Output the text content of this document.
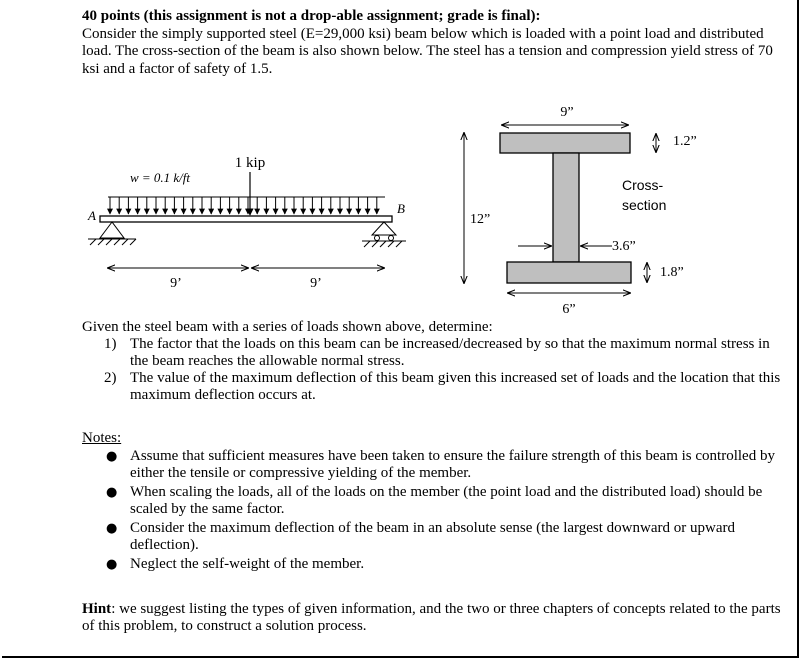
40 points (this assignment is not a drop-able assignment; grade is final):
Consider the simply supported steel (E=29,000 ksi) beam below which is loaded with a point load and distributed load. The cross-section of the beam is also shown below. The steel has a tension and compression yield stress of 70 ksi and a factor of safety of 1.5.
1 kip
w = 0.1 k/ft
A	B
9’	9’
12”
9”
1.2”
Cross-
section
3.6”
1.8”
6”
Given the steel beam with a series of loads shown above, determine:
1) The factor that the loads on this beam can be increased/decreased by so that the maximum normal stress in the beam reaches the allowable normal stress.
2) The value of the maximum deflection of this beam given this increased set of loads and the location that this maximum deflection occurs at.
Notes:
● Assume that sufficient measures have been taken to ensure the failure strength of this beam is controlled by either the tensile or compressive yielding of the member.
● When scaling the loads, all of the loads on the member (the point load and the distributed load) should be scaled by the same factor.
● Consider the maximum deflection of the beam in an absolute sense (the largest downward or upward deflection).
● Neglect the self-weight of the member.
Hint: we suggest listing the types of given information, and the two or three chapters of concepts related to the parts of this problem, to construct a solution process.
